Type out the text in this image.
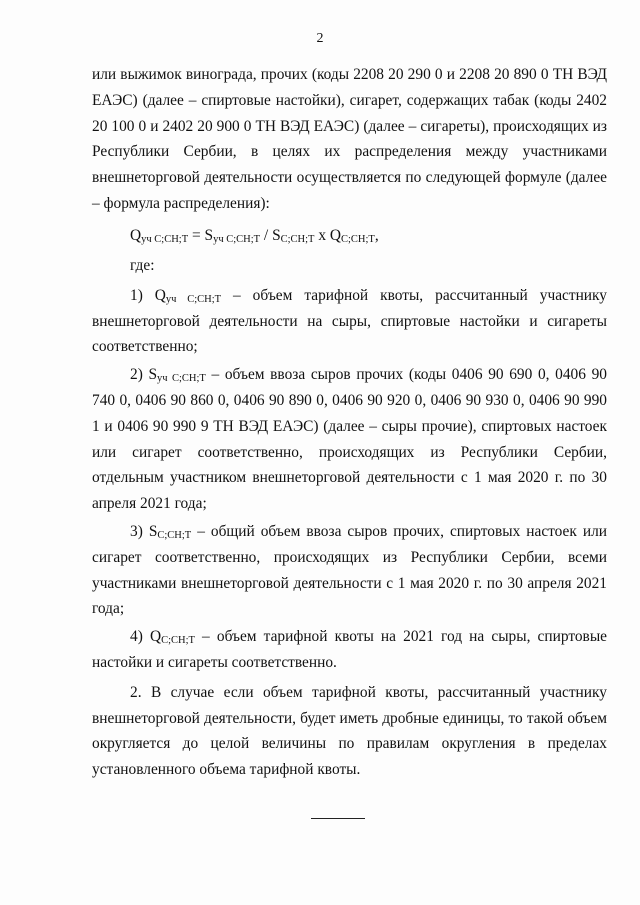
2

или выжимок винограда, прочих (коды 2208 20 290 0 и 2208 20 890 0 ТН ВЭД ЕАЭС) (далее – спиртовые настойки), сигарет, содержащих табак (коды 2402 20 100 0 и 2402 20 900 0 ТН ВЭД ЕАЭС) (далее – сигареты), происходящих из Республики Сербии, в целях их распределения между участниками внешнеторговой деятельности осуществляется по следующей формуле (далее – формула распределения):

$Q_{уч С;СН;Т} = S_{уч С;СН;Т} / S_{С;СН;Т}$ x $Q_{С;СН;Т}$,
где:

1) $Q_{уч С;СН;Т}$ – объем тарифной квоты, рассчитанный участнику внешнеторговой деятельности на сыры, спиртовые настойки и сигареты соответственно;

2) $S_{уч С;СН;Т}$ – объем ввоза сыров прочих (коды 0406 90 690 0, 0406 90 740 0, 0406 90 860 0, 0406 90 890 0, 0406 90 920 0, 0406 90 930 0, 0406 90 990 1 и 0406 90 990 9 ТН ВЭД ЕАЭС) (далее – сыры прочие), спиртовых настоек или сигарет соответственно, происходящих из Республики Сербии, отдельным участником внешнеторговой деятельности с 1 мая 2020 г. по 30 апреля 2021 года;

3) $S_{С;СН;Т}$ – общий объем ввоза сыров прочих, спиртовых настоек или сигарет соответственно, происходящих из Республики Сербии, всеми участниками внешнеторговой деятельности с 1 мая 2020 г. по 30 апреля 2021 года;

4) $Q_{С;СН;Т}$ – объем тарифной квоты на 2021 год на сыры, спиртовые настойки и сигареты соответственно.

2. В случае если объем тарифной квоты, рассчитанный участнику внешнеторговой деятельности, будет иметь дробные единицы, то такой объем округляется до целой величины по правилам округления в пределах установленного объема тарифной квоты.
